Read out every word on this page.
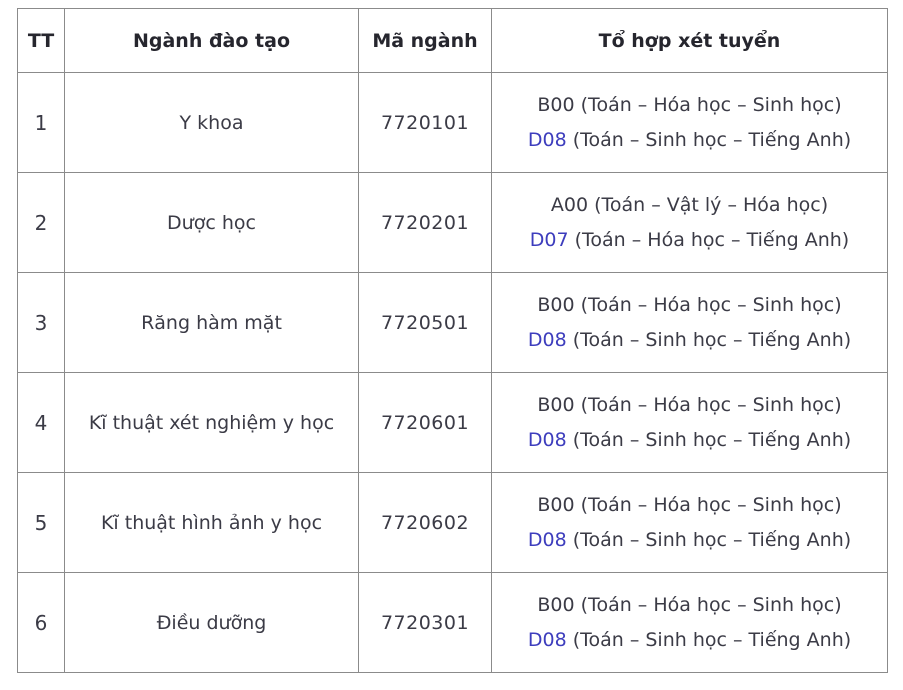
TT	Ngành đào tạo	Mã ngành	Tổ hợp xét tuyển
1	Y khoa	7720101	B00 (Toán – Hóa học – Sinh học)
D08 (Toán – Sinh học – Tiếng Anh)

2	Dược học	7720201	A00 (Toán – Vật lý – Hóa học)
D07 (Toán – Hóa học – Tiếng Anh)

3	Răng hàm mặt	7720501	B00 (Toán – Hóa học – Sinh học)
D08 (Toán – Sinh học – Tiếng Anh)

4	Kĩ thuật xét nghiệm y học	7720601	B00 (Toán – Hóa học – Sinh học)
D08 (Toán – Sinh học – Tiếng Anh)

5	Kĩ thuật hình ảnh y học	7720602	B00 (Toán – Hóa học – Sinh học)
D08 (Toán – Sinh học – Tiếng Anh)

6	Điều dưỡng	7720301	B00 (Toán – Hóa học – Sinh học)
D08 (Toán – Sinh học – Tiếng Anh)
